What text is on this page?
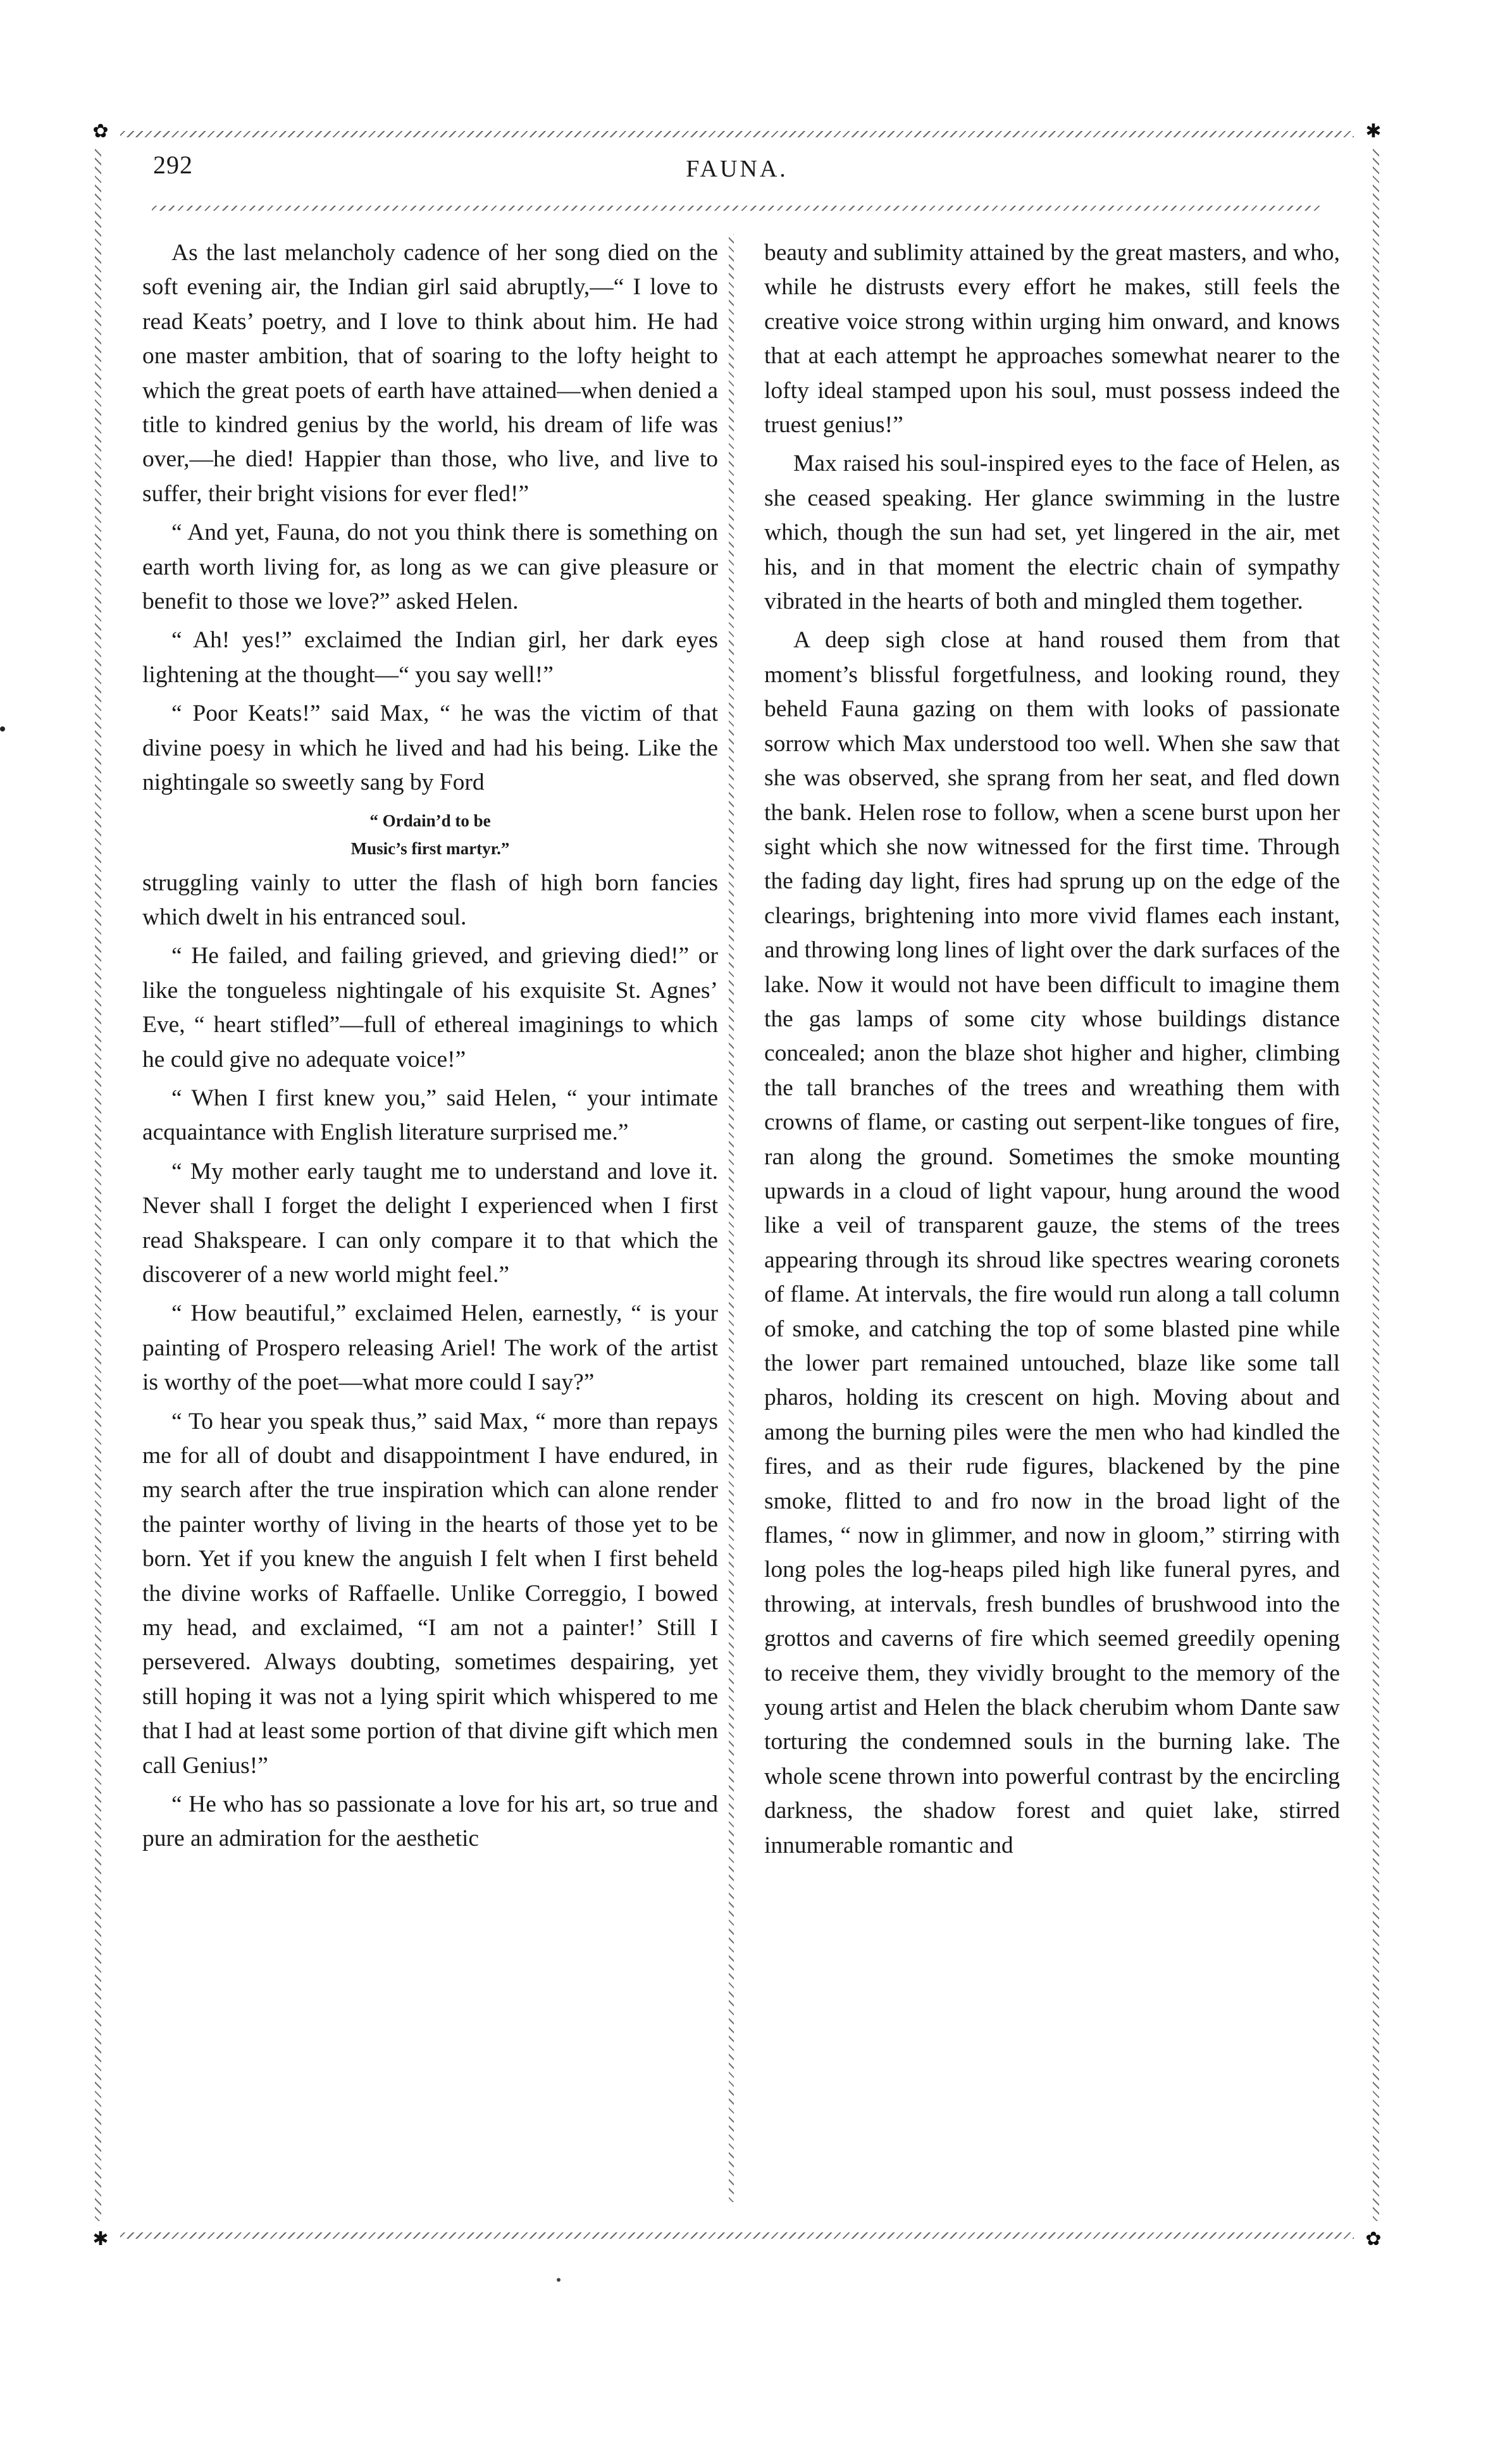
✿	✱
✱	✿
292	FAUNA.

As the last melancholy cadence of her song died on the soft evening air, the Indian girl said abruptly,—“ I love to read Keats’ poetry, and I love to think about him. He had one master ambition, that of soaring to the lofty height to which the great poets of earth have attained—when denied a title to kindred genius by the world, his dream of life was over,—he died! Happier than those, who live, and live to suffer, their bright visions for ever fled!”

“ And yet, Fauna, do not you think there is something on earth worth living for, as long as we can give pleasure or benefit to those we love?” asked Helen.

“ Ah! yes!” exclaimed the Indian girl, her dark eyes lightening at the thought—“ you say well!”

“ Poor Keats!” said Max, “ he was the victim of that divine poesy in which he lived and had his being. Like the nightingale so sweetly sang by Ford

“ Ordain’d to be
Music’s first martyr.”

struggling vainly to utter the flash of high born fancies which dwelt in his entranced soul.

“ He failed, and failing grieved, and grieving died!” or like the tongueless nightingale of his exquisite St. Agnes’ Eve, “ heart stifled”—full of ethereal imaginings to which he could give no adequate voice!”

“ When I first knew you,” said Helen, “ your intimate acquaintance with English literature surprised me.”

“ My mother early taught me to understand and love it. Never shall I forget the delight I experienced when I first read Shakspeare. I can only compare it to that which the discoverer of a new world might feel.”

“ How beautiful,” exclaimed Helen, earnestly, “ is your painting of Prospero releasing Ariel! The work of the artist is worthy of the poet—what more could I say?”

“ To hear you speak thus,” said Max, “ more than repays me for all of doubt and disappointment I have endured, in my search after the true inspiration which can alone render the painter worthy of living in the hearts of those yet to be born. Yet if you knew the anguish I felt when I first beheld the divine works of Raffaelle. Unlike Correggio, I bowed my head, and exclaimed, “I am not a painter!’ Still I persevered. Always doubting, sometimes despairing, yet still hoping it was not a lying spirit which whispered to me that I had at least some portion of that divine gift which men call Genius!”

“ He who has so passionate a love for his art, so true and pure an admiration for the aesthetic

beauty and sublimity attained by the great masters, and who, while he distrusts every effort he makes, still feels the creative voice strong within urging him onward, and knows that at each attempt he approaches somewhat nearer to the lofty ideal stamped upon his soul, must possess indeed the truest genius!”

Max raised his soul-inspired eyes to the face of Helen, as she ceased speaking. Her glance swimming in the lustre which, though the sun had set, yet lingered in the air, met his, and in that moment the electric chain of sympathy vibrated in the hearts of both and mingled them together.

A deep sigh close at hand roused them from that moment’s blissful forgetfulness, and looking round, they beheld Fauna gazing on them with looks of passionate sorrow which Max understood too well. When she saw that she was observed, she sprang from her seat, and fled down the bank. Helen rose to follow, when a scene burst upon her sight which she now witnessed for the first time. Through the fading day light, fires had sprung up on the edge of the clearings, brightening into more vivid flames each instant, and throwing long lines of light over the dark surfaces of the lake. Now it would not have been difficult to imagine them the gas lamps of some city whose buildings distance concealed; anon the blaze shot higher and higher, climbing the tall branches of the trees and wreathing them with crowns of flame, or casting out serpent-like tongues of fire, ran along the ground. Sometimes the smoke mounting upwards in a cloud of light vapour, hung around the wood like a veil of transparent gauze, the stems of the trees appearing through its shroud like spectres wearing coronets of flame. At intervals, the fire would run along a tall column of smoke, and catching the top of some blasted pine while the lower part remained untouched, blaze like some tall pharos, holding its crescent on high. Moving about and among the burning piles were the men who had kindled the fires, and as their rude figures, blackened by the pine smoke, flitted to and fro now in the broad light of the flames, “ now in glimmer, and now in gloom,” stirring with long poles the log-heaps piled high like funeral pyres, and throwing, at intervals, fresh bundles of brushwood into the grottos and caverns of fire which seemed greedily opening to receive them, they vividly brought to the memory of the young artist and Helen the black cherubim whom Dante saw torturing the condemned souls in the burning lake. The whole scene thrown into powerful contrast by the encircling darkness, the shadow forest and quiet lake, stirred innumerable romantic and
